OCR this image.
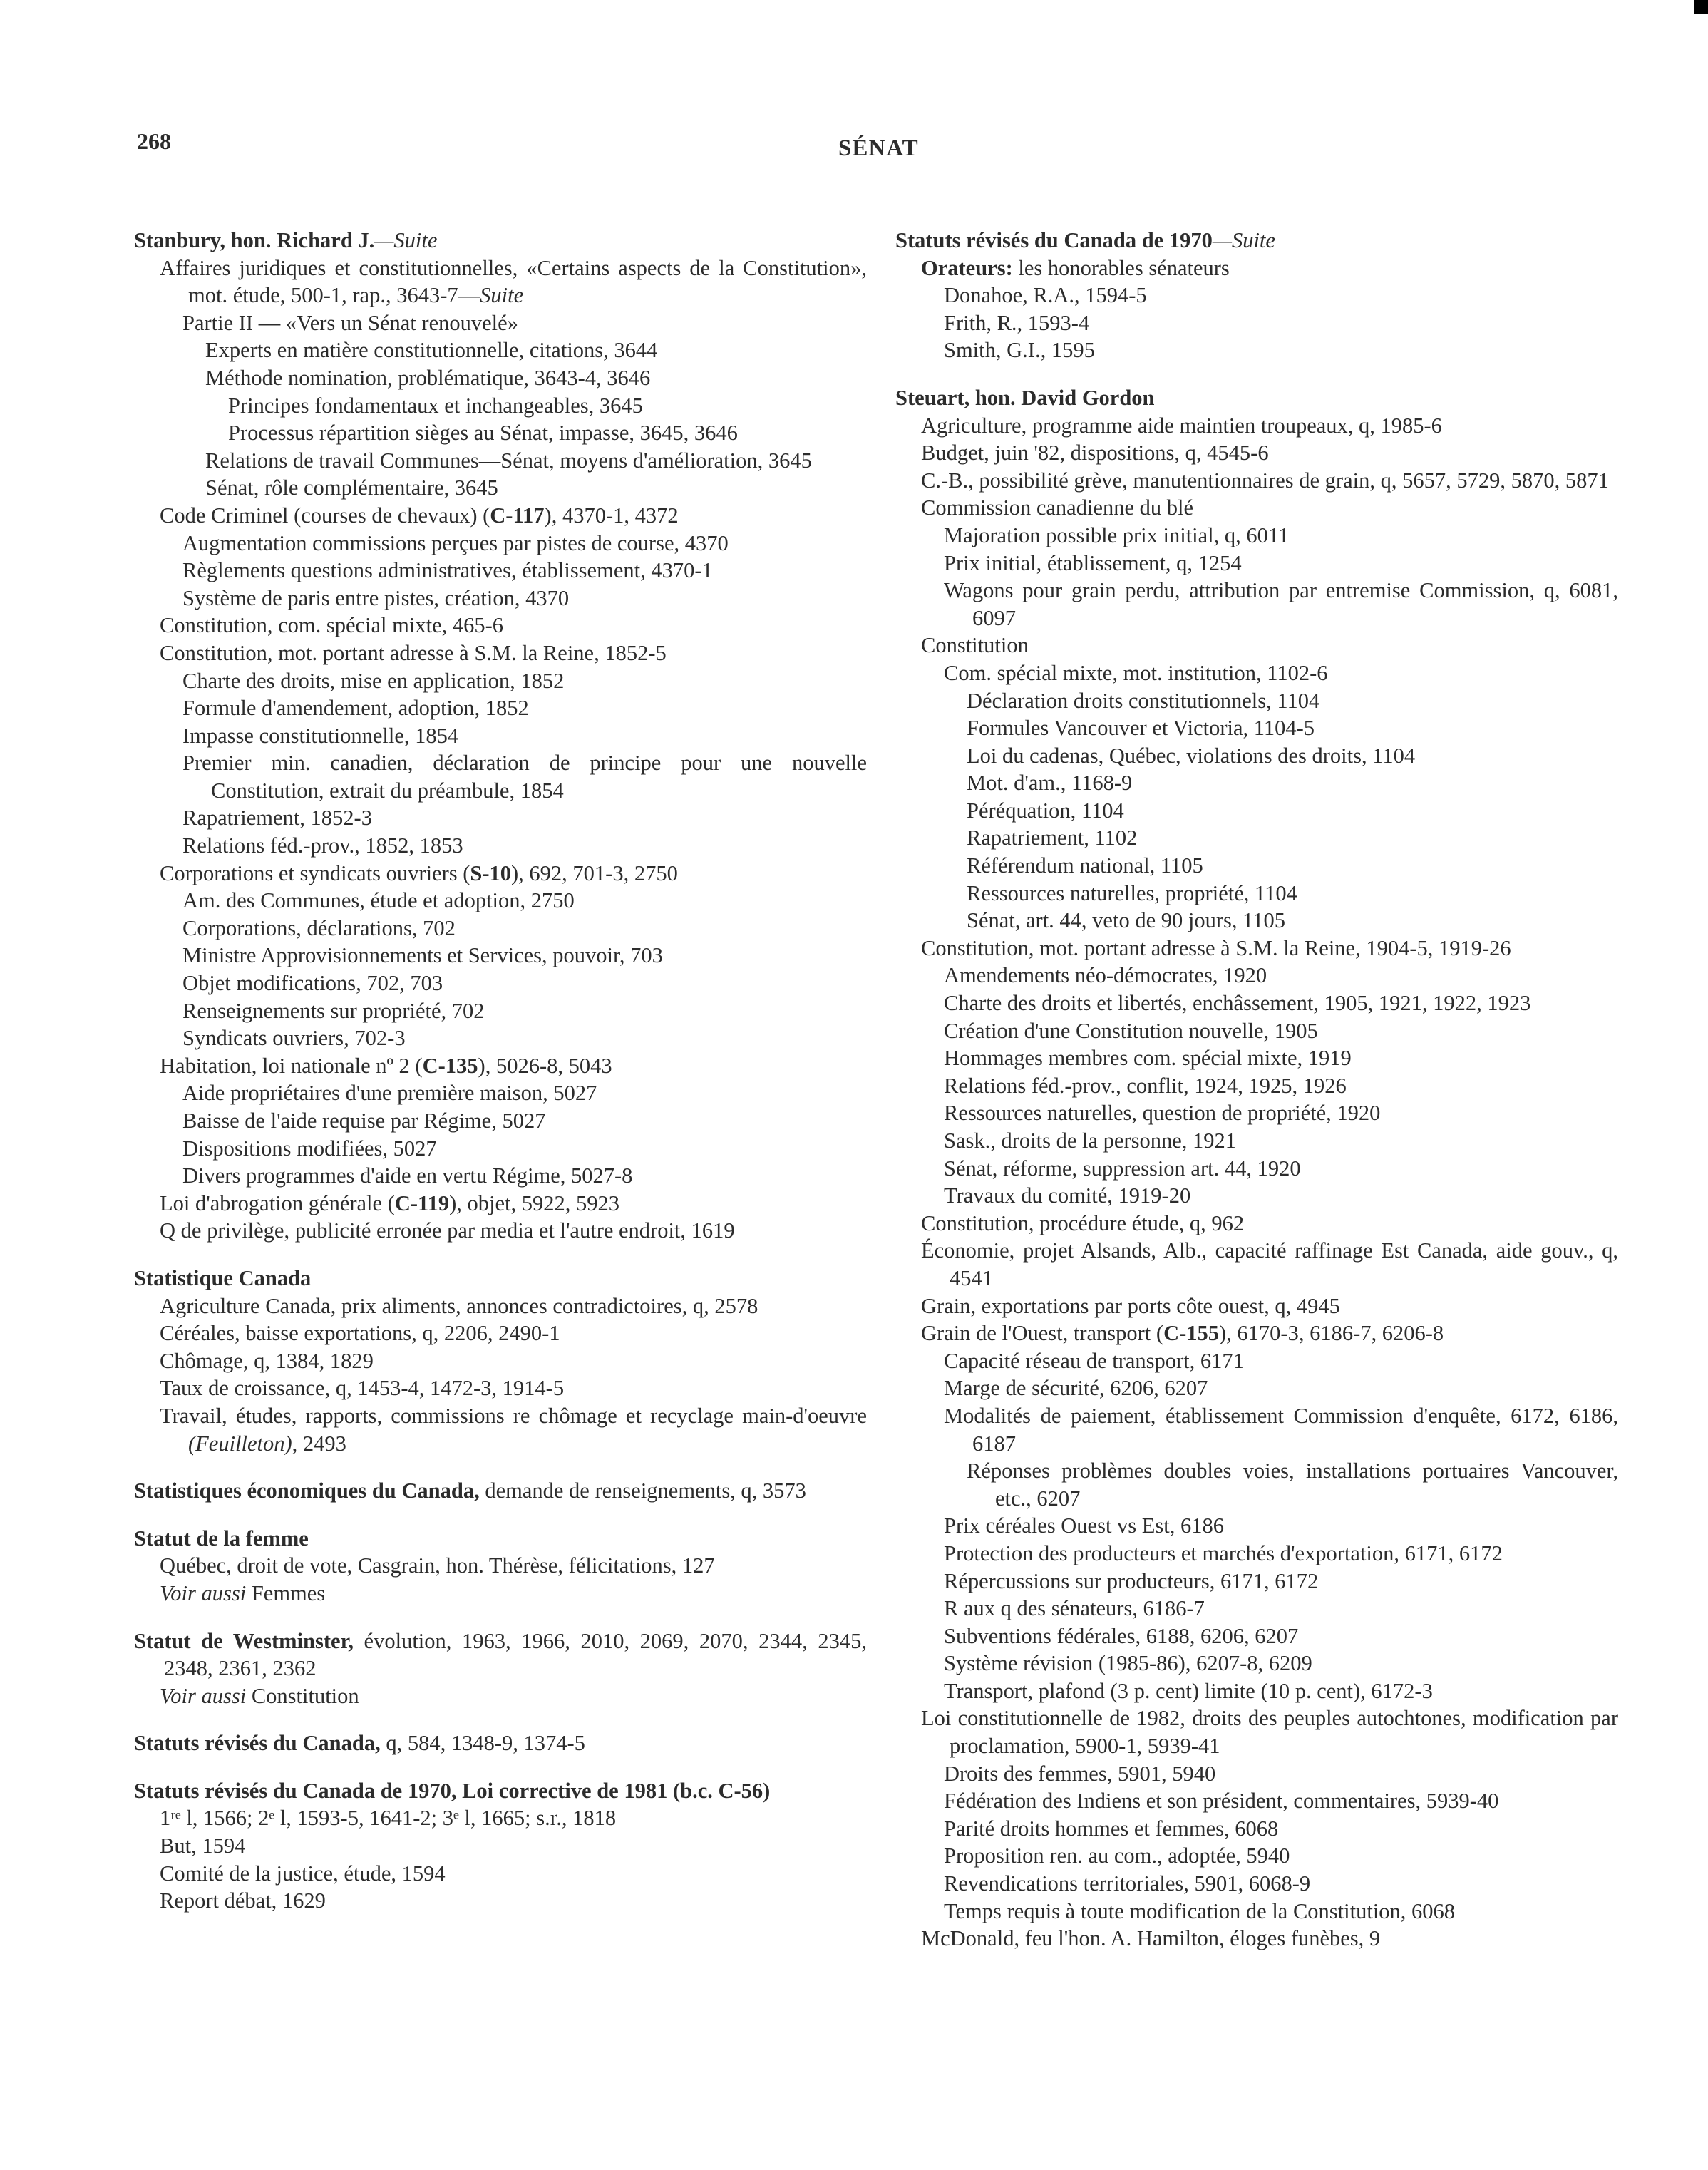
268	SÉNAT

Stanbury, hon. Richard J.—Suite

Affaires juridiques et constitutionnelles, «Certains aspects de la Constitution», mot. étude, 500-1, rap., 3643-7—Suite

Partie II — «Vers un Sénat renouvelé»

Experts en matière constitutionnelle, citations, 3644

Méthode nomination, problématique, 3643-4, 3646

Principes fondamentaux et inchangeables, 3645

Processus répartition sièges au Sénat, impasse, 3645, 3646

Relations de travail Communes—Sénat, moyens d'amélioration, 3645

Sénat, rôle complémentaire, 3645

Code Criminel (courses de chevaux) (C-117), 4370-1, 4372

Augmentation commissions perçues par pistes de course, 4370

Règlements questions administratives, établissement, 4370-1

Système de paris entre pistes, création, 4370

Constitution, com. spécial mixte, 465-6

Constitution, mot. portant adresse à S.M. la Reine, 1852-5

Charte des droits, mise en application, 1852

Formule d'amendement, adoption, 1852

Impasse constitutionnelle, 1854

Premier min. canadien, déclaration de principe pour une nouvelle Constitution, extrait du préambule, 1854

Rapatriement, 1852-3

Relations féd.-prov., 1852, 1853

Corporations et syndicats ouvriers (S-10), 692, 701-3, 2750

Am. des Communes, étude et adoption, 2750

Corporations, déclarations, 702

Ministre Approvisionnements et Services, pouvoir, 703

Objet modifications, 702, 703

Renseignements sur propriété, 702

Syndicats ouvriers, 702-3

Habitation, loi nationale nº 2 (C-135), 5026-8, 5043

Aide propriétaires d'une première maison, 5027

Baisse de l'aide requise par Régime, 5027

Dispositions modifiées, 5027

Divers programmes d'aide en vertu Régime, 5027-8

Loi d'abrogation générale (C-119), objet, 5922, 5923

Q de privilège, publicité erronée par media et l'autre endroit, 1619

Statistique Canada

Agriculture Canada, prix aliments, annonces contradictoires, q, 2578

Céréales, baisse exportations, q, 2206, 2490-1

Chômage, q, 1384, 1829

Taux de croissance, q, 1453-4, 1472-3, 1914-5

Travail, études, rapports, commissions re chômage et recyclage main-d'oeuvre (Feuilleton), 2493

Statistiques économiques du Canada, demande de renseignements, q, 3573

Statut de la femme

Québec, droit de vote, Casgrain, hon. Thérèse, félicitations, 127

Voir aussi Femmes

Statut de Westminster, évolution, 1963, 1966, 2010, 2069, 2070, 2344, 2345, 2348, 2361, 2362

Voir aussi Constitution

Statuts révisés du Canada, q, 584, 1348-9, 1374-5

Statuts révisés du Canada de 1970, Loi corrective de 1981 (b.c. C-56)

1ʳᵉ l, 1566; 2ᵉ l, 1593-5, 1641-2; 3ᵉ l, 1665; s.r., 1818

But, 1594

Comité de la justice, étude, 1594

Report débat, 1629

Statuts révisés du Canada de 1970—Suite

Orateurs: les honorables sénateurs

Donahoe, R.A., 1594-5

Frith, R., 1593-4

Smith, G.I., 1595

Steuart, hon. David Gordon

Agriculture, programme aide maintien troupeaux, q, 1985-6

Budget, juin '82, dispositions, q, 4545-6

C.-B., possibilité grève, manutentionnaires de grain, q, 5657, 5729, 5870, 5871

Commission canadienne du blé

Majoration possible prix initial, q, 6011

Prix initial, établissement, q, 1254

Wagons pour grain perdu, attribution par entremise Commission, q, 6081, 6097

Constitution

Com. spécial mixte, mot. institution, 1102-6

Déclaration droits constitutionnels, 1104

Formules Vancouver et Victoria, 1104-5

Loi du cadenas, Québec, violations des droits, 1104

Mot. d'am., 1168-9

Péréquation, 1104

Rapatriement, 1102

Référendum national, 1105

Ressources naturelles, propriété, 1104

Sénat, art. 44, veto de 90 jours, 1105

Constitution, mot. portant adresse à S.M. la Reine, 1904-5, 1919-26

Amendements néo-démocrates, 1920

Charte des droits et libertés, enchâssement, 1905, 1921, 1922, 1923

Création d'une Constitution nouvelle, 1905

Hommages membres com. spécial mixte, 1919

Relations féd.-prov., conflit, 1924, 1925, 1926

Ressources naturelles, question de propriété, 1920

Sask., droits de la personne, 1921

Sénat, réforme, suppression art. 44, 1920

Travaux du comité, 1919-20

Constitution, procédure étude, q, 962

Économie, projet Alsands, Alb., capacité raffinage Est Canada, aide gouv., q, 4541

Grain, exportations par ports côte ouest, q, 4945

Grain de l'Ouest, transport (C-155), 6170-3, 6186-7, 6206-8

Capacité réseau de transport, 6171

Marge de sécurité, 6206, 6207

Modalités de paiement, établissement Commission d'enquête, 6172, 6186, 6187

Réponses problèmes doubles voies, installations portuaires Vancouver, etc., 6207

Prix céréales Ouest vs Est, 6186

Protection des producteurs et marchés d'exportation, 6171, 6172

Répercussions sur producteurs, 6171, 6172

R aux q des sénateurs, 6186-7

Subventions fédérales, 6188, 6206, 6207

Système révision (1985-86), 6207-8, 6209

Transport, plafond (3 p. cent) limite (10 p. cent), 6172-3

Loi constitutionnelle de 1982, droits des peuples autochtones, modification par proclamation, 5900-1, 5939-41

Droits des femmes, 5901, 5940

Fédération des Indiens et son président, commentaires, 5939-40

Parité droits hommes et femmes, 6068

Proposition ren. au com., adoptée, 5940

Revendications territoriales, 5901, 6068-9

Temps requis à toute modification de la Constitution, 6068

McDonald, feu l'hon. A. Hamilton, éloges funèbes, 9
